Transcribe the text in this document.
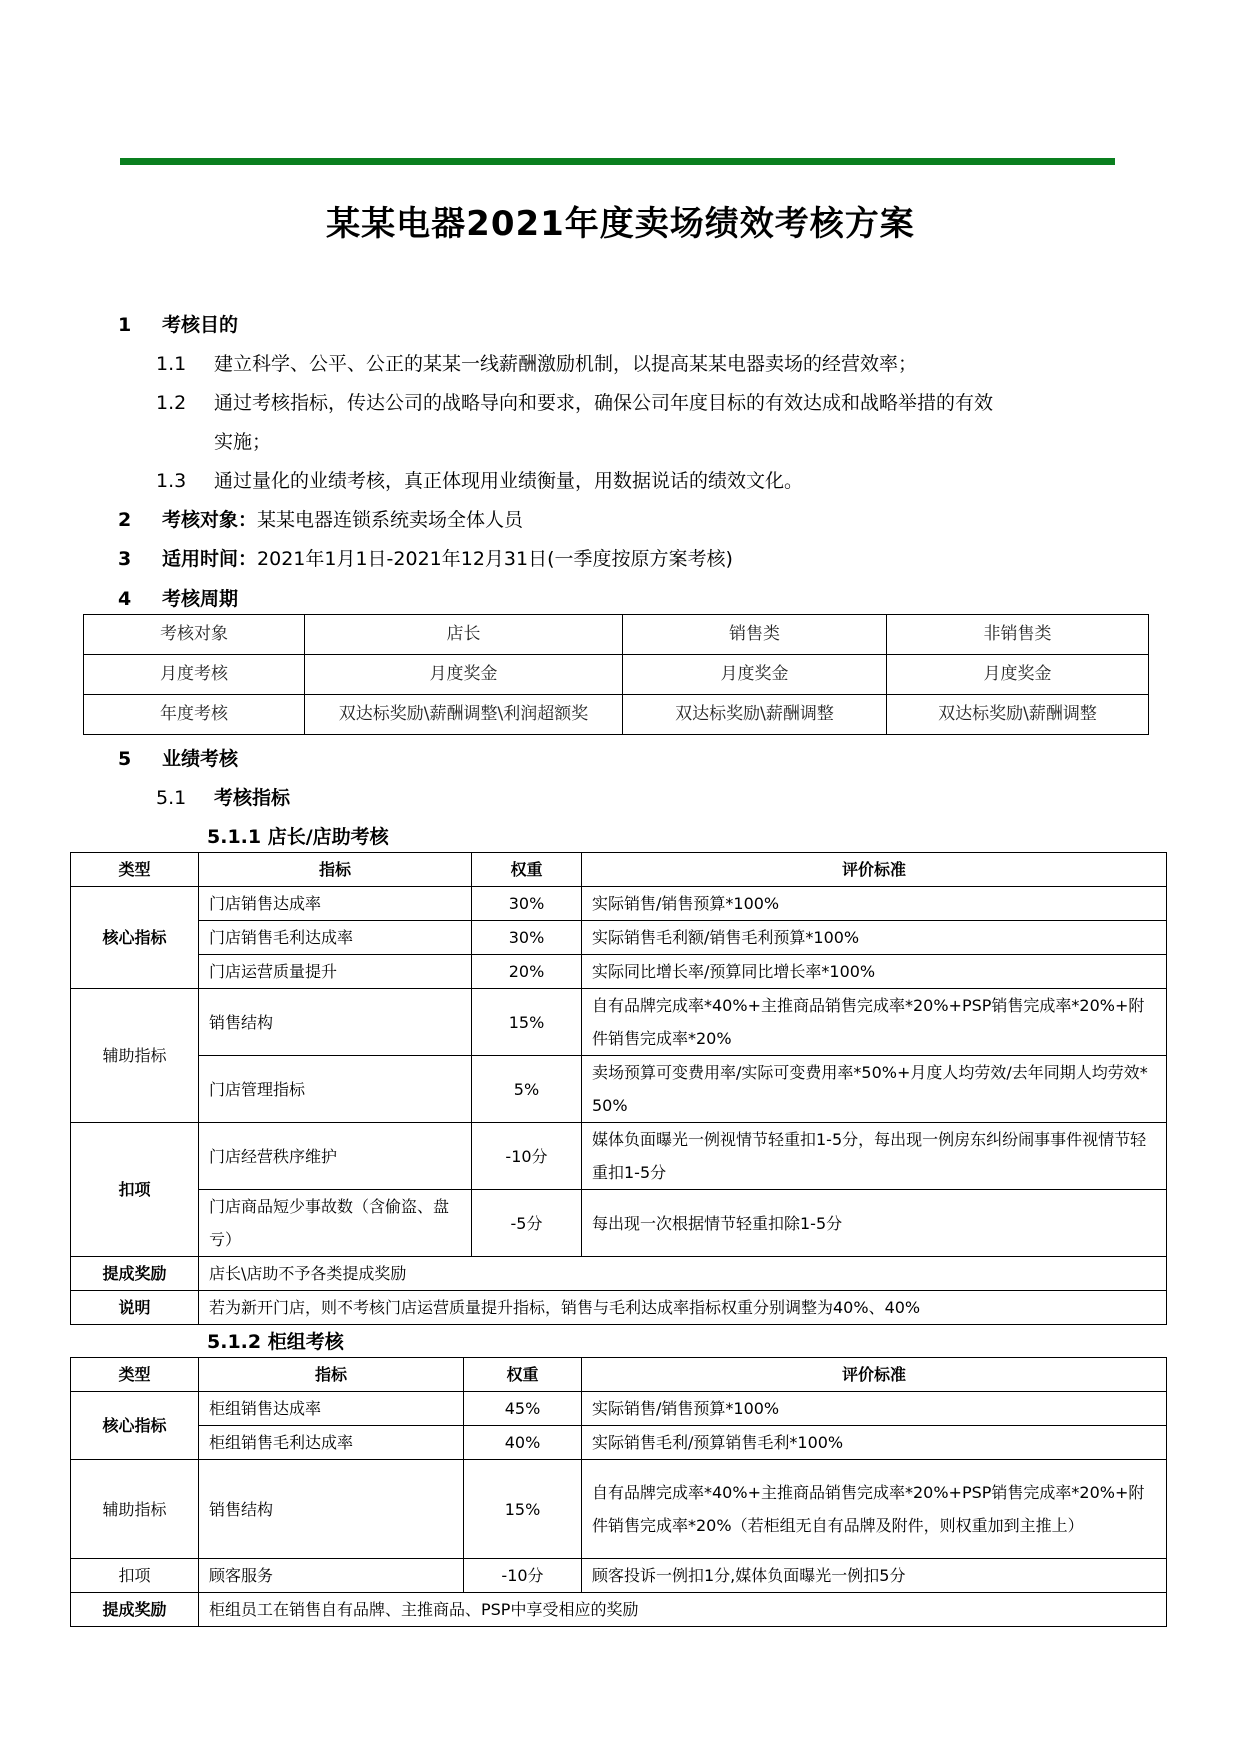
某某电器2021年度卖场绩效考核方案
1 考核目的
1.1 建立科学、公平、公正的某某一线薪酬激励机制，以提高某某电器卖场的经营效率；
1.2 通过考核指标，传达公司的战略导向和要求，确保公司年度目标的有效达成和战略举措的有效
实施；
1.3 通过量化的业绩考核，真正体现用业绩衡量，用数据说话的绩效文化。
2 考核对象：某某电器连锁系统卖场全体人员
3 适用时间：2021年1月1日-2021年12月31日(一季度按原方案考核)
4 考核周期
考核对象	店长	销售类	非销售类
月度考核	月度奖金	月度奖金	月度奖金
年度考核	双达标奖励\薪酬调整\利润超额奖	双达标奖励\薪酬调整	双达标奖励\薪酬调整
5 业绩考核
5.1 考核指标
5.1.1 店长/店助考核
类型	指标	权重	评价标准
核心指标	门店销售达成率	30%	实际销售/销售预算*100%
	门店销售毛利达成率	30%	实际销售毛利额/销售毛利预算*100%
	门店运营质量提升	20%	实际同比增长率/预算同比增长率*100%
辅助指标	销售结构	15%	自有品牌完成率*40%+主推商品销售完成率*20%+PSP销售完成率*20%+附件销售完成率*20%
	门店管理指标	5%	卖场预算可变费用率/实际可变费用率*50%+月度人均劳效/去年同期人均劳效*50%
扣项	门店经营秩序维护	-10分	媒体负面曝光一例视情节轻重扣1-5分，每出现一例房东纠纷闹事事件视情节轻重扣1-5分
	门店商品短少事故数（含偷盗、盘亏）	-5分	每出现一次根据情节轻重扣除1-5分
提成奖励	店长\店助不予各类提成奖励		
说明	若为新开门店，则不考核门店运营质量提升指标，销售与毛利达成率指标权重分别调整为40%、40%		
5.1.2 柜组考核
类型	指标	权重	评价标准
核心指标	柜组销售达成率	45%	实际销售/销售预算*100%
	柜组销售毛利达成率	40%	实际销售毛利/预算销售毛利*100%
辅助指标	销售结构	15%	自有品牌完成率*40%+主推商品销售完成率*20%+PSP销售完成率*20%+附件销售完成率*20%（若柜组无自有品牌及附件，则权重加到主推上）
扣项	顾客服务	-10分	顾客投诉一例扣1分,媒体负面曝光一例扣5分
提成奖励	柜组员工在销售自有品牌、主推商品、PSP中享受相应的奖励		
